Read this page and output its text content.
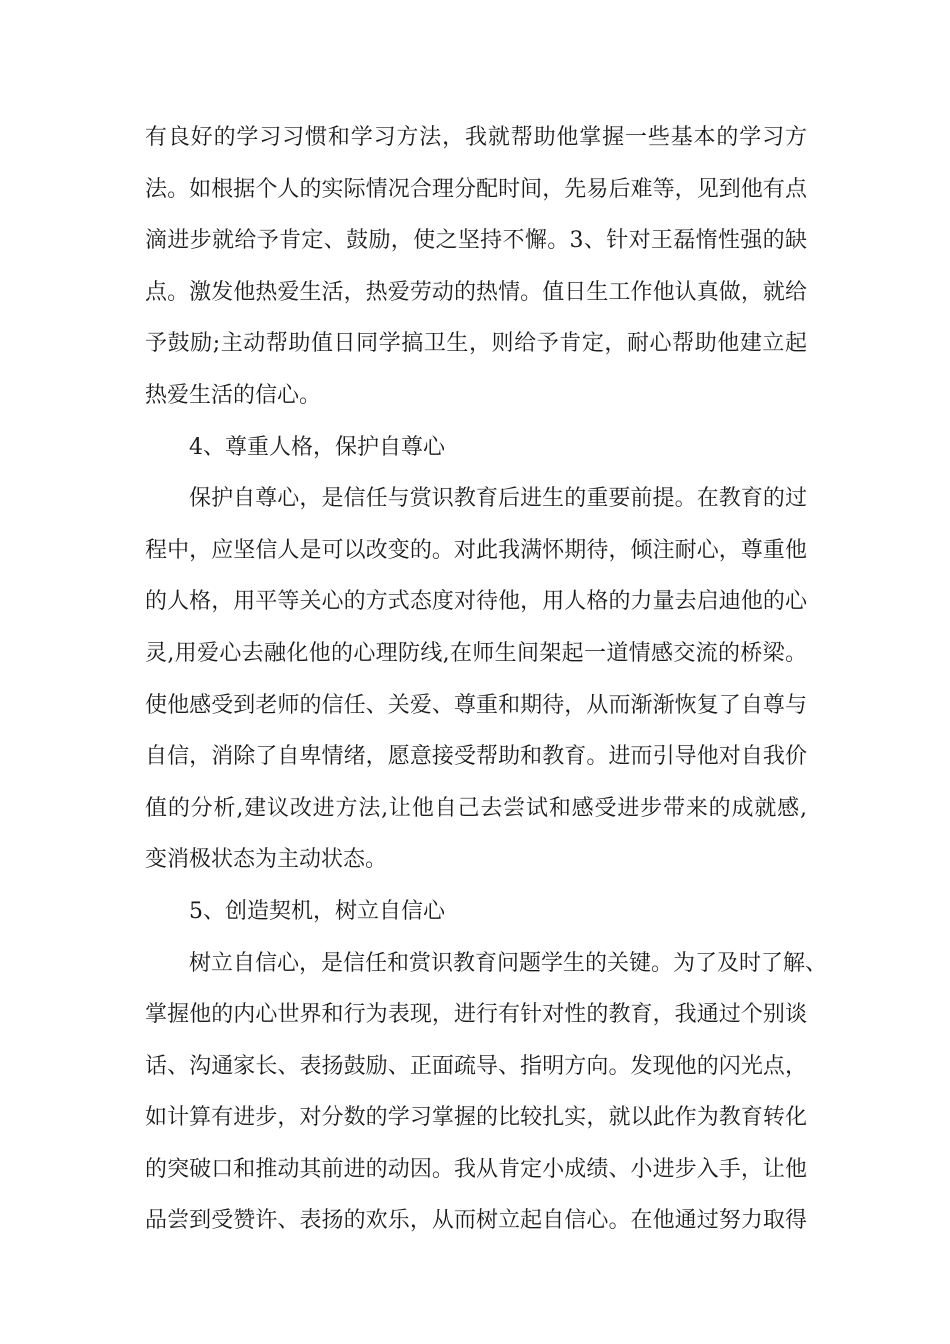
有良好的学习习惯和学习方法，我就帮助他掌握一些基本的学习方
法。如根据个人的实际情况合理分配时间，先易后难等，见到他有点
滴进步就给予肯定、鼓励，使之坚持不懈。3、针对王磊惰性强的缺
点。激发他热爱生活，热爱劳动的热情。值日生工作他认真做，就给
予鼓励;主动帮助值日同学搞卫生，则给予肯定，耐心帮助他建立起
热爱生活的信心。
4、尊重人格，保护自尊心
保护自尊心，是信任与赏识教育后进生的重要前提。在教育的过
程中，应坚信人是可以改变的。对此我满怀期待，倾注耐心，尊重他
的人格，用平等关心的方式态度对待他，用人格的力量去启迪他的心
灵,用爱心去融化他的心理防线,在师生间架起一道情感交流的桥梁。
使他感受到老师的信任、关爱、尊重和期待，从而渐渐恢复了自尊与
自信，消除了自卑情绪，愿意接受帮助和教育。进而引导他对自我价
值的分析,建议改进方法,让他自己去尝试和感受进步带来的成就感,
变消极状态为主动状态。
5、创造契机，树立自信心
树立自信心，是信任和赏识教育问题学生的关键。为了及时了解、
掌握他的内心世界和行为表现，进行有针对性的教育，我通过个别谈
话、沟通家长、表扬鼓励、正面疏导、指明方向。发现他的闪光点，
如计算有进步，对分数的学习掌握的比较扎实，就以此作为教育转化
的突破口和推动其前进的动因。我从肯定小成绩、小进步入手，让他
品尝到受赞许、表扬的欢乐，从而树立起自信心。在他通过努力取得
